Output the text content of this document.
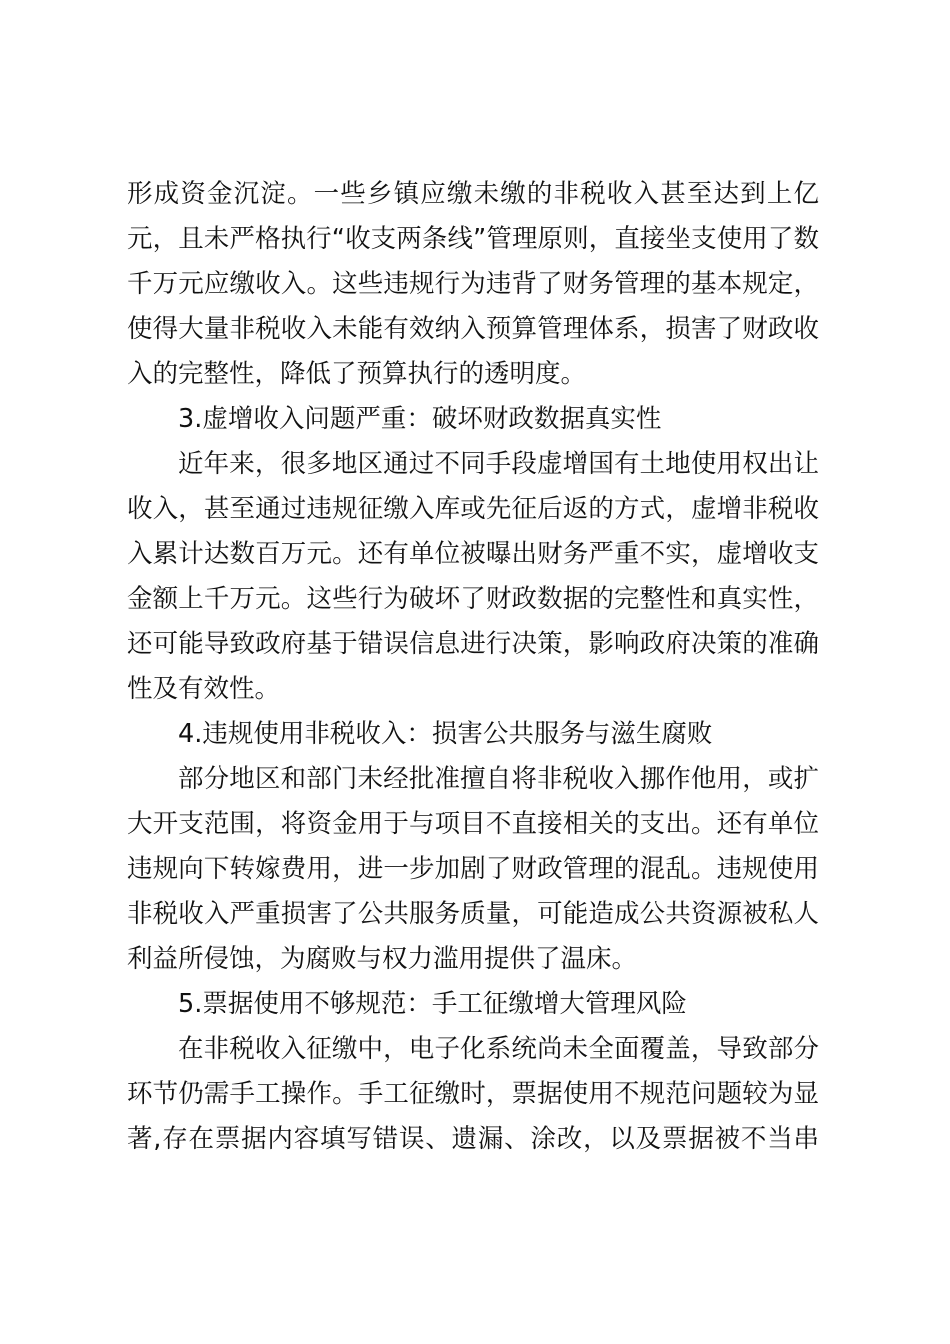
形成资金沉淀。一些乡镇应缴未缴的非税收入甚至达到上亿
元，且未严格执行“收支两条线”管理原则，直接坐支使用了数
千万元应缴收入。这些违规行为违背了财务管理的基本规定，
使得大量非税收入未能有效纳入预算管理体系，损害了财政收
入的完整性，降低了预算执行的透明度。
3.虚增收入问题严重：破坏财政数据真实性
近年来，很多地区通过不同手段虚增国有土地使用权出让
收入，甚至通过违规征缴入库或先征后返的方式，虚增非税收
入累计达数百万元。还有单位被曝出财务严重不实，虚增收支
金额上千万元。这些行为破坏了财政数据的完整性和真实性，
还可能导致政府基于错误信息进行决策，影响政府决策的准确
性及有效性。
4.违规使用非税收入：损害公共服务与滋生腐败
部分地区和部门未经批准擅自将非税收入挪作他用，或扩
大开支范围，将资金用于与项目不直接相关的支出。还有单位
违规向下转嫁费用，进一步加剧了财政管理的混乱。违规使用
非税收入严重损害了公共服务质量，可能造成公共资源被私人
利益所侵蚀，为腐败与权力滥用提供了温床。
5.票据使用不够规范：手工征缴增大管理风险
在非税收入征缴中，电子化系统尚未全面覆盖，导致部分
环节仍需手工操作。手工征缴时，票据使用不规范问题较为显
著,存在票据内容填写错误、遗漏、涂改，以及票据被不当串
